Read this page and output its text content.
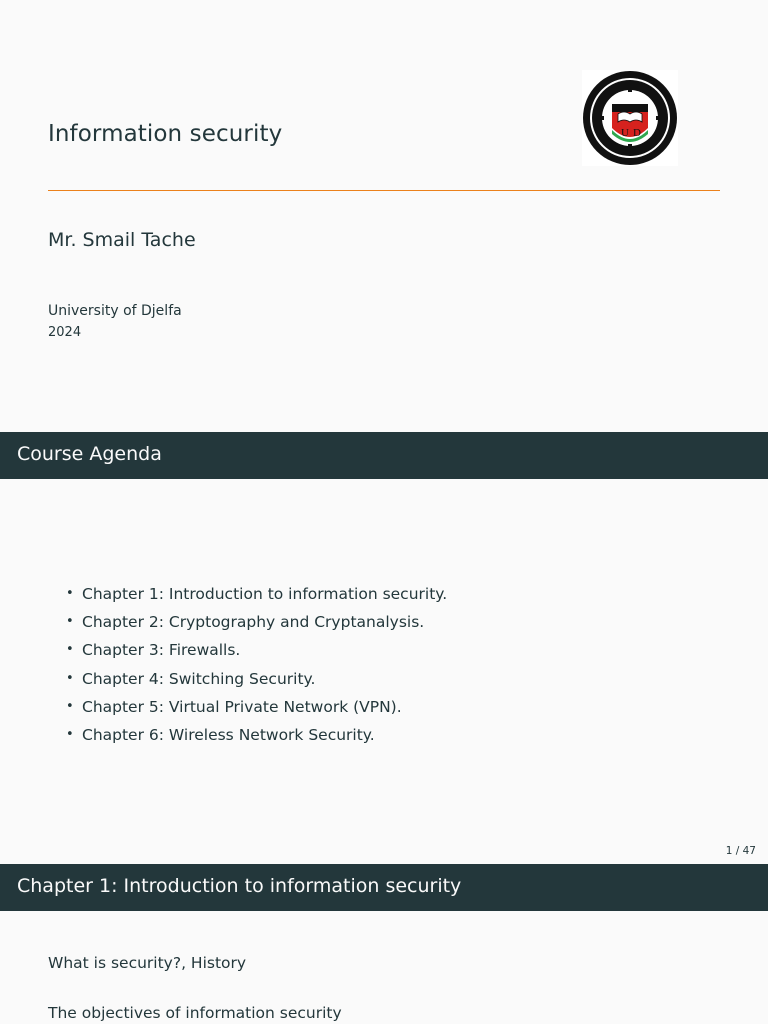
Information security	U D
Mr. Smail Tache
University of Djelfa
2024
Course Agenda
• Chapter 1: Introduction to information security.
• Chapter 2: Cryptography and Cryptanalysis.
• Chapter 3: Firewalls.
• Chapter 4: Switching Security.
• Chapter 5: Virtual Private Network (VPN).
• Chapter 6: Wireless Network Security.
1 / 47
Chapter 1: Introduction to information security
What is security?, History
The objectives of information security
